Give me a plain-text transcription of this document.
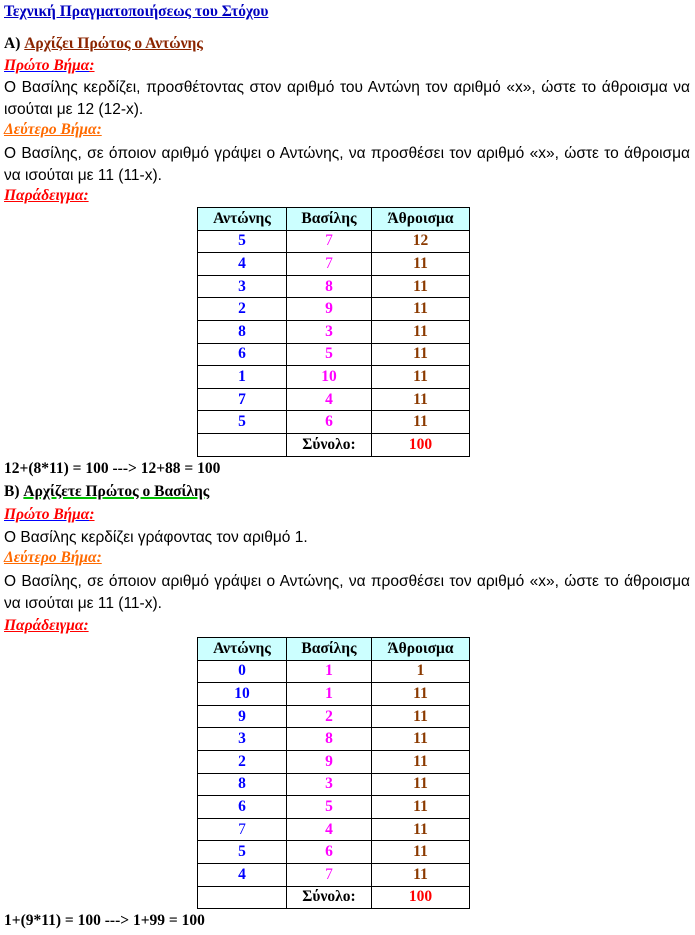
Τεχνική Πραγματοποιήσεως του Στόχου
A) Αρχίζει Πρώτος ο Αντώνης
Πρώτο Βήμα:
Ο Βασίλης κερδίζει, προσθέτοντας στον αριθμό του Αντώνη τον αριθμό «x», ώστε το άθροισμα να ισούται με 12 (12-x).
Δεύτερο Βήμα:
Ο Βασίλης, σε όποιον αριθμό γράψει ο Αντώνης, να προσθέσει τον αριθμό «x», ώστε το άθροισμα να ισούται με 11 (11-x).
Παράδειγμα:
Αντώνης	Βασίλης	Άθροισμα
5	7	12
4	7	11
3	8	11
2	9	11
8	3	11
6	5	11
1	10	11
7	4	11
5	6	11
	Σύνολο:	100
12+(8*11) = 100 ---> 12+88 = 100
B) Αρχίζετε Πρώτος ο Βασίλης
Πρώτο Βήμα:
Ο Βασίλης κερδίζει γράφοντας τον αριθμό 1.
Δεύτερο Βήμα:
Ο Βασίλης, σε όποιον αριθμό γράψει ο Αντώνης, να προσθέσει τον αριθμό «x», ώστε το άθροισμα να ισούται με 11 (11-x).
Παράδειγμα:
Αντώνης	Βασίλης	Άθροισμα
0	1	1
10	1	11
9	2	11
3	8	11
2	9	11
8	3	11
6	5	11
7	4	11
5	6	11
4	7	11
	Σύνολο:	100
1+(9*11) = 100 ---> 1+99 = 100
